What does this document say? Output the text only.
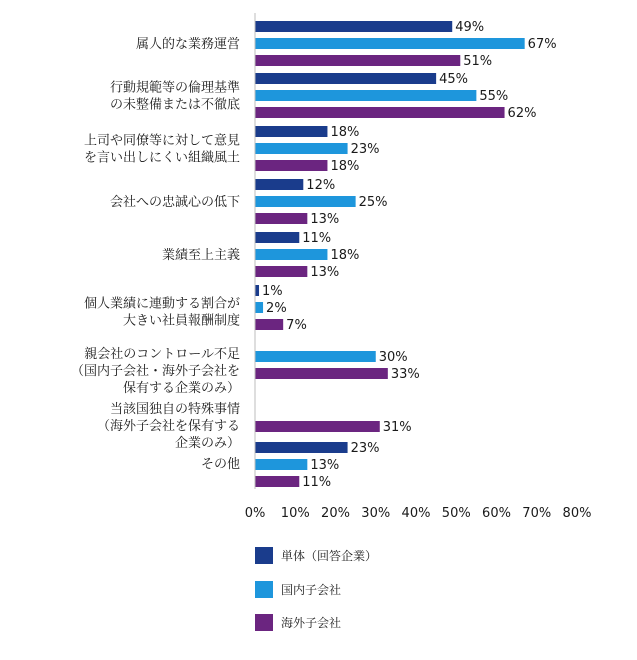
49%
67%
51%
45%
55%
62%
18%
23%
18%
12%
25%
13%
11%
18%
13%
1%
2%
7%
30%
33%
31%
23%
13%
11%
属人的な業務運営
行動規範等の倫理基準
の未整備または不徹底
上司や同僚等に対して意見
を言い出しにくい組織風土
会社への忠誠心の低下
業績至上主義
個人業績に連動する割合が
大きい社員報酬制度
親会社のコントロール不足
（国内子会社・海外子会社を
保有する企業のみ）
当該国独自の特殊事情
（海外子会社を保有する
企業のみ）
その他
0% 10% 20% 30% 40% 50% 60% 70% 80%
単体（回答企業）
国内子会社
海外子会社
